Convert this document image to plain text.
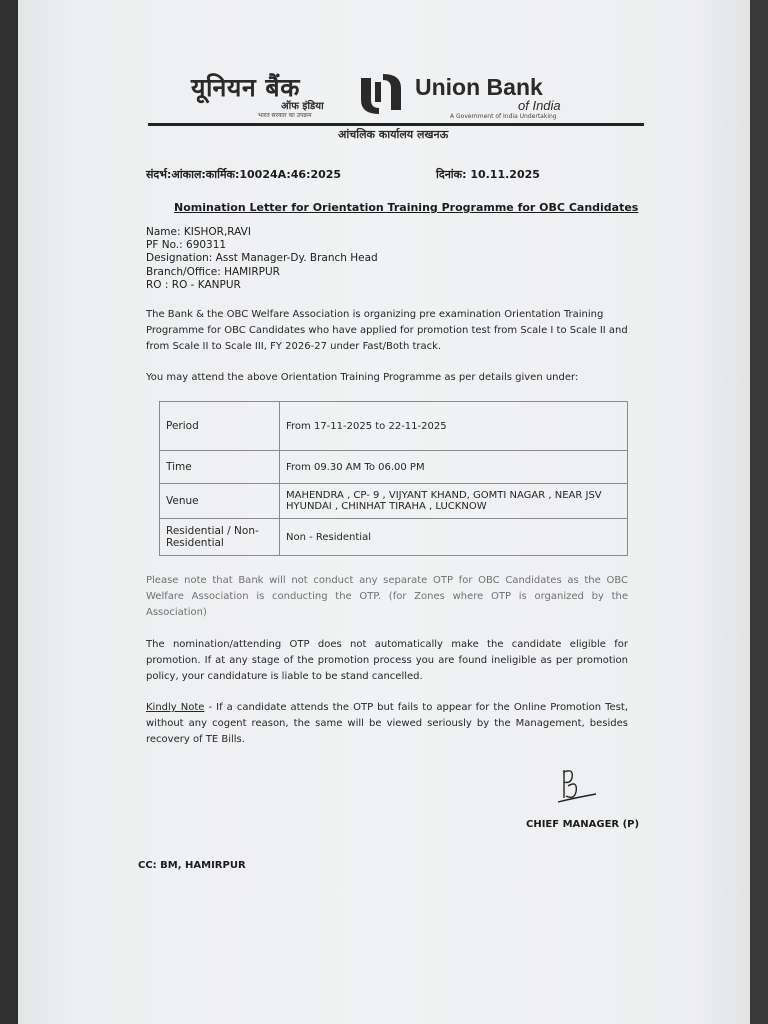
यूनियन बैंक
ऑफ इंडिया
भारत सरकार का उपक्रम
Union Bank
of India
A Government of India Undertaking
आंचलिक कार्यालय लखनऊ
संदर्भ:आंकाल:कार्मिक:10024A:46:2025	दिनांक: 10.11.2025
Nomination Letter for Orientation Training Programme for OBC Candidates
Name: KISHOR,RAVI
PF No.: 690311
Designation: Asst Manager-Dy. Branch Head
Branch/Office: HAMIRPUR
RO : RO - KANPUR
The Bank & the OBC Welfare Association is organizing pre examination Orientation Training Programme for OBC Candidates who have applied for promotion test from Scale I to Scale II and from Scale II to Scale III, FY 2026-27 under Fast/Both track.
You may attend the above Orientation Training Programme as per details given under:
Period	From 17-11-2025 to 22-11-2025
Time	From 09.30 AM To 06.00 PM
Venue	MAHENDRA , CP- 9 , VIJYANT KHAND, GOMTI NAGAR , NEAR JSV HYUNDAI , CHINHAT TIRAHA , LUCKNOW
Residential / Non-Residential	Non - Residential
Please note that Bank will not conduct any separate OTP for OBC Candidates as the OBC Welfare Association is conducting the OTP. (for Zones where OTP is organized by the Association)
The nomination/attending OTP does not automatically make the candidate eligible for promotion. If at any stage of the promotion process you are found ineligible as per promotion policy, your candidature is liable to be stand cancelled.
Kindly Note - If a candidate attends the OTP but fails to appear for the Online Promotion Test, without any cogent reason, the same will be viewed seriously by the Management, besides recovery of TE Bills.
CHIEF MANAGER (P)
CC: BM, HAMIRPUR
